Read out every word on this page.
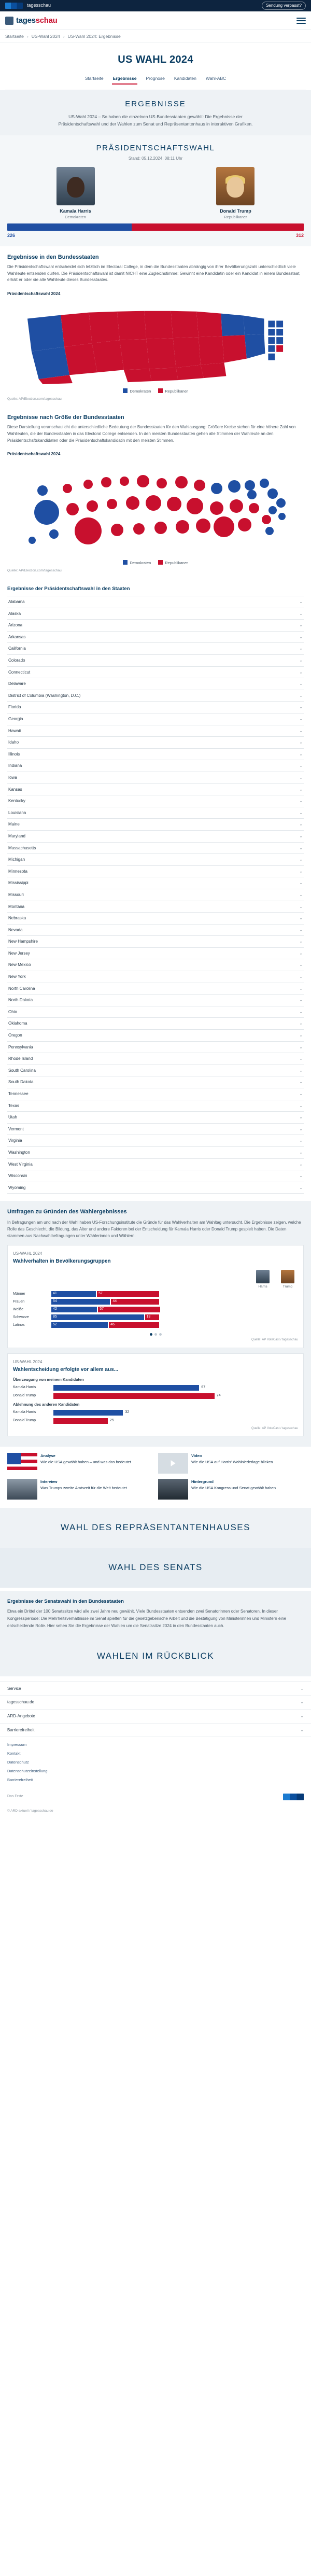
tagesschau	Sendung verpasst?
tagesschau
Startseite › US-Wahl 2024 › US-Wahl 2024: Ergebnisse
US WAHL 2024
Startseite Ergebnisse Prognose Kandidaten Wahl-ABC
ERGEBNISSE

US-Wahl 2024 – So haben die einzelnen US-Bundesstaaten gewählt: Die Ergebnisse der Präsidentschaftswahl und der Wahlen zum Senat und Repräsentantenhaus in interaktiven Grafiken.

PRÄSIDENTSCHAFTSWAHL
Stand: 05.12.2024, 08:11 Uhr
Kamala Harris
Demokraten
Donald Trump
Republikaner
226	312
Ergebnisse in den Bundesstaaten
Die Präsidentschaftswahl entscheidet sich letztlich im Electoral College, in dem die Bundesstaaten abhängig von ihrer Bevölkerungszahl unterschiedlich viele Wahlleute entsenden dürfen. Die Präsidentschaftswahl ist damit NICHT eine Zugleichstimme: Gewinnt eine Kandidatin oder ein Kandidat in einem Bundesstaat, erhält er oder sie alle Wahlleute dieses Bundesstaates.
Präsidentschaftswahl 2024
Demokraten	Republikaner
Quelle: AP/Election.com/tagesschau
Ergebnisse nach Größe der Bundesstaaten
Diese Darstellung veranschaulicht die unterschiedliche Bedeutung der Bundesstaaten für den Wahlausgang: Größere Kreise stehen für eine höhere Zahl von Wahlleuten, die der Bundesstaaten in das Electoral College entsenden. In den meisten Bundesstaaten gehen alle Stimmen der Wahlleute an den Präsidentschaftskandidaten oder die Präsidentschaftskandidatin mit den meisten Stimmen.
Präsidentschaftswahl 2024
Demokraten	Republikaner
Quelle: AP/Election.com/tagesschau
Ergebnisse der Präsidentschaftswahl in den Staaten
Alabama	⌄
Alaska	⌄
Arizona	⌄
Arkansas	⌄
California	⌄
Colorado	⌄
Connecticut	⌄
Delaware	⌄
District of Columbia (Washington, D.C.)	⌄
Florida	⌄
Georgia	⌄
Hawaii	⌄
Idaho	⌄
Illinois	⌄
Indiana	⌄
Iowa	⌄
Kansas	⌄
Kentucky	⌄
Louisiana	⌄
Maine	⌄
Maryland	⌄
Massachusetts	⌄
Michigan	⌄
Minnesota	⌄
Mississippi	⌄
Missouri	⌄
Montana	⌄
Nebraska	⌄
Nevada	⌄
New Hampshire	⌄
New Jersey	⌄
New Mexico	⌄
New York	⌄
North Carolina	⌄
North Dakota	⌄
Ohio	⌄
Oklahoma	⌄
Oregon	⌄
Pennsylvania	⌄
Rhode Island	⌄
South Carolina	⌄
South Dakota	⌄
Tennessee	⌄
Texas	⌄
Utah	⌄
Vermont	⌄
Virginia	⌄
Washington	⌄
West Virginia	⌄
Wisconsin	⌄
Wyoming	⌄
Umfragen zu Gründen des Wahlergebnisses

In Befragungen am und nach der Wahl haben US-Forschungsinstitute die Gründe für das Wahlverhalten am Wahltag untersucht. Die Ergebnisse zeigen, welche Rolle das Geschlecht, die Bildung, das Alter und andere Faktoren bei der Entscheidung für Kamala Harris oder Donald Trump gespielt haben. Die Daten stammen aus Nachwahlbefragungen unter Wählerinnen und Wählern.

US-WAHL 2024
Wahlverhalten in Bevölkerungsgruppen
Harris	Trump
Männer	41	57
Frauen	54	44
Weiße	42	57
Schwarze	85	13
Latinos	52	46
Quelle: AP VoteCast / tagesschau
US-WAHL 2024
Wahlentscheidung erfolgte vor allem aus...
Überzeugung von meinem Kandidaten
Kamala Harris	67
Donald Trump	74
Ablehnung des anderen Kandidaten
Kamala Harris	32
Donald Trump	25
Quelle: AP VoteCast / tagesschau
Analyse
Wie die USA gewählt haben – und was das bedeutet
Video
Wie die USA auf Harris' Wahlniederlage blicken
Interview
Was Trumps zweite Amtszeit für die Welt bedeutet
Hintergrund
Wie die USA Kongress und Senat gewählt haben
WAHL DES REPRÄSENTANTENHAUSES
WAHL DES SENATS
Ergebnisse der Senatswahl in den Bundesstaaten

Etwa ein Drittel der 100 Senatssitze wird alle zwei Jahre neu gewählt. Viele Bundesstaaten entsenden zwei Senatorinnen oder Senatoren. In dieser Kongressperiode: Die Mehrheitsverhältnisse im Senat spielten für die gesetzgeberische Arbeit und die Bestätigung von Ministerinnen und Ministern eine entscheidende Rolle. Hier sehen Sie die Ergebnisse der Wahlen um die Senatssitze 2024 in den Bundesstaaten auch.

WAHLEN IM RÜCKBLICK
Service	⌄
tagesschau.de	⌄
ARD-Angebote	⌄
Barrierefreiheit	⌄
Impressum
Kontakt
Datenschutz
Datenschutzeinstellung
Barrierefreiheit
Das Erste
© ARD-aktuell / tagesschau.de
